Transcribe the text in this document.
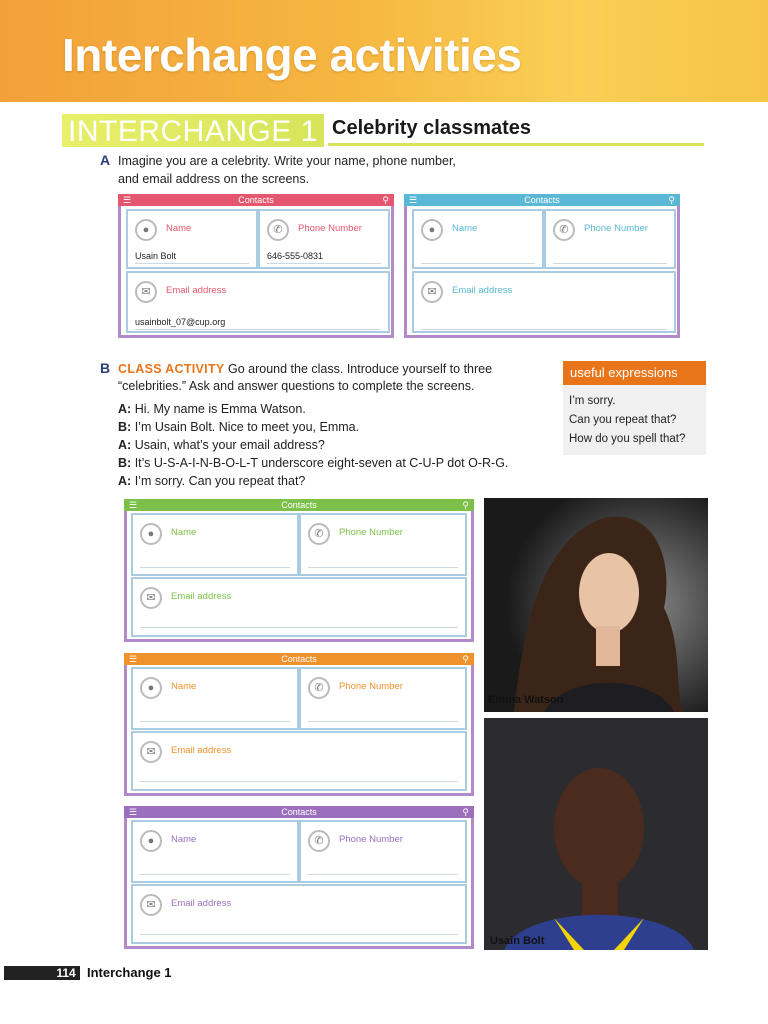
Interchange activities
INTERCHANGE 1 Celebrity classmates
A Imagine you are a celebrity. Write your name, phone number,
and email address on the screens.
☰	Contacts	⚲
●	Name
Usain Bolt
✆	Phone Number
646-555-0831
✉	Email address
usainbolt_07@cup.org
☰	Contacts	⚲
●	Name	✆	Phone Number
✉	Email address
B CLASS ACTIVITY Go around the class. Introduce yourself to three
“celebrities.” Ask and answer questions to complete the screens.
A: Hi. My name is Emma Watson.
B: I’m Usain Bolt. Nice to meet you, Emma.
A: Usain, what’s your email address?
B: It’s U-S-A-I-N-B-O-L-T underscore eight-seven at C-U-P dot O-R-G.
A: I’m sorry. Can you repeat that?
useful expressions
I’m sorry.
Can you repeat that?
How do you spell that?
☰	Contacts	⚲
●	Name	✆	Phone Number
✉	Email address
☰	Contacts	⚲
●	Name	✆	Phone Number
✉	Email address
☰	Contacts	⚲
●	Name	✆	Phone Number
✉	Email address
Emma Watson
Usain Bolt
114 Interchange 1
